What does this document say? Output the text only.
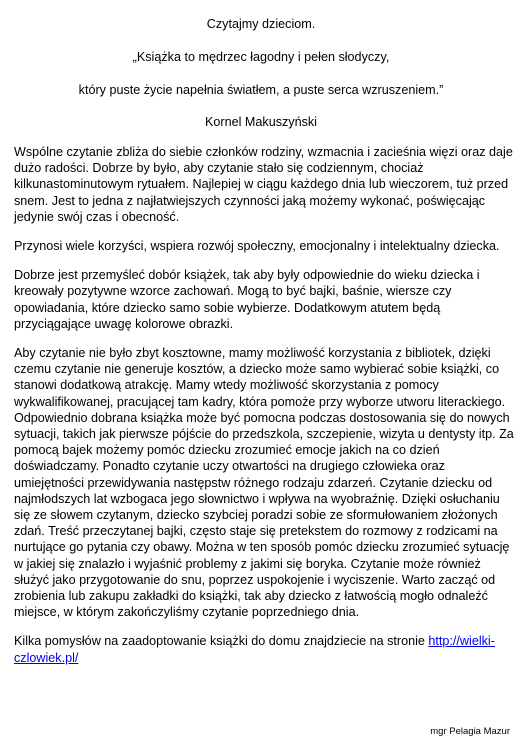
Czytajmy dzieciom.
„Książka to mędrzec łagodny i pełen słodyczy,
który puste życie napełnia światłem, a puste serca wzruszeniem.”
Kornel Makuszyński

Wspólne czytanie zbliża do siebie członków rodziny, wzmacnia i zacieśnia więzi oraz daje dużo radości. Dobrze by było, aby czytanie stało się codziennym, chociaż kilkunastominutowym rytuałem. Najlepiej w ciągu każdego dnia lub wieczorem, tuż przed snem. Jest to jedna z najłatwiejszych czynności jaką możemy wykonać, poświęcając jedynie swój czas i obecność.

Przynosi wiele korzyści, wspiera rozwój społeczny, emocjonalny i intelektualny dziecka.

Dobrze jest przemyśleć dobór książek, tak aby były odpowiednie do wieku dziecka i kreowały pozytywne wzorce zachowań. Mogą to być bajki, baśnie, wiersze czy opowiadania, które dziecko samo sobie wybierze. Dodatkowym atutem będą przyciągające uwagę kolorowe obrazki.

Aby czytanie nie było zbyt kosztowne, mamy możliwość korzystania z bibliotek, dzięki czemu czytanie nie generuje kosztów, a dziecko może samo wybierać sobie książki, co stanowi dodatkową atrakcję. Mamy wtedy możliwość skorzystania z pomocy wykwalifikowanej, pracującej tam kadry, która pomoże przy wyborze utworu literackiego. Odpowiednio dobrana książka może być pomocna podczas dostosowania się do nowych sytuacji, takich jak pierwsze pójście do przedszkola, szczepienie, wizyta u dentysty itp. Za pomocą bajek możemy pomóc dziecku zrozumieć emocje jakich na co dzień doświadczamy. Ponadto czytanie uczy otwartości na drugiego człowieka oraz umiejętności przewidywania następstw różnego rodzaju zdarzeń. Czytanie dziecku od najmłodszych lat wzbogaca jego słownictwo i wpływa na wyobraźnię. Dzięki osłuchaniu się ze słowem czytanym, dziecko szybciej poradzi sobie ze sformułowaniem złożonych zdań. Treść przeczytanej bajki, często staje się pretekstem do rozmowy z rodzicami na nurtujące go pytania czy obawy. Można w ten sposób pomóc dziecku zrozumieć sytuację w jakiej się znalazło i wyjaśnić problemy z jakimi się boryka. Czytanie może również służyć jako przygotowanie do snu, poprzez uspokojenie i wyciszenie. Warto zacząć od zrobienia lub zakupu zakładki do książki, tak aby dziecko z łatwością mogło odnaleźć miejsce, w którym zakończyliśmy czytanie poprzedniego dnia.

Kilka pomysłów na zaadoptowanie książki do domu znajdziecie na stronie http://wielki-czlowiek.pl/

mgr Pelagia Mazur
